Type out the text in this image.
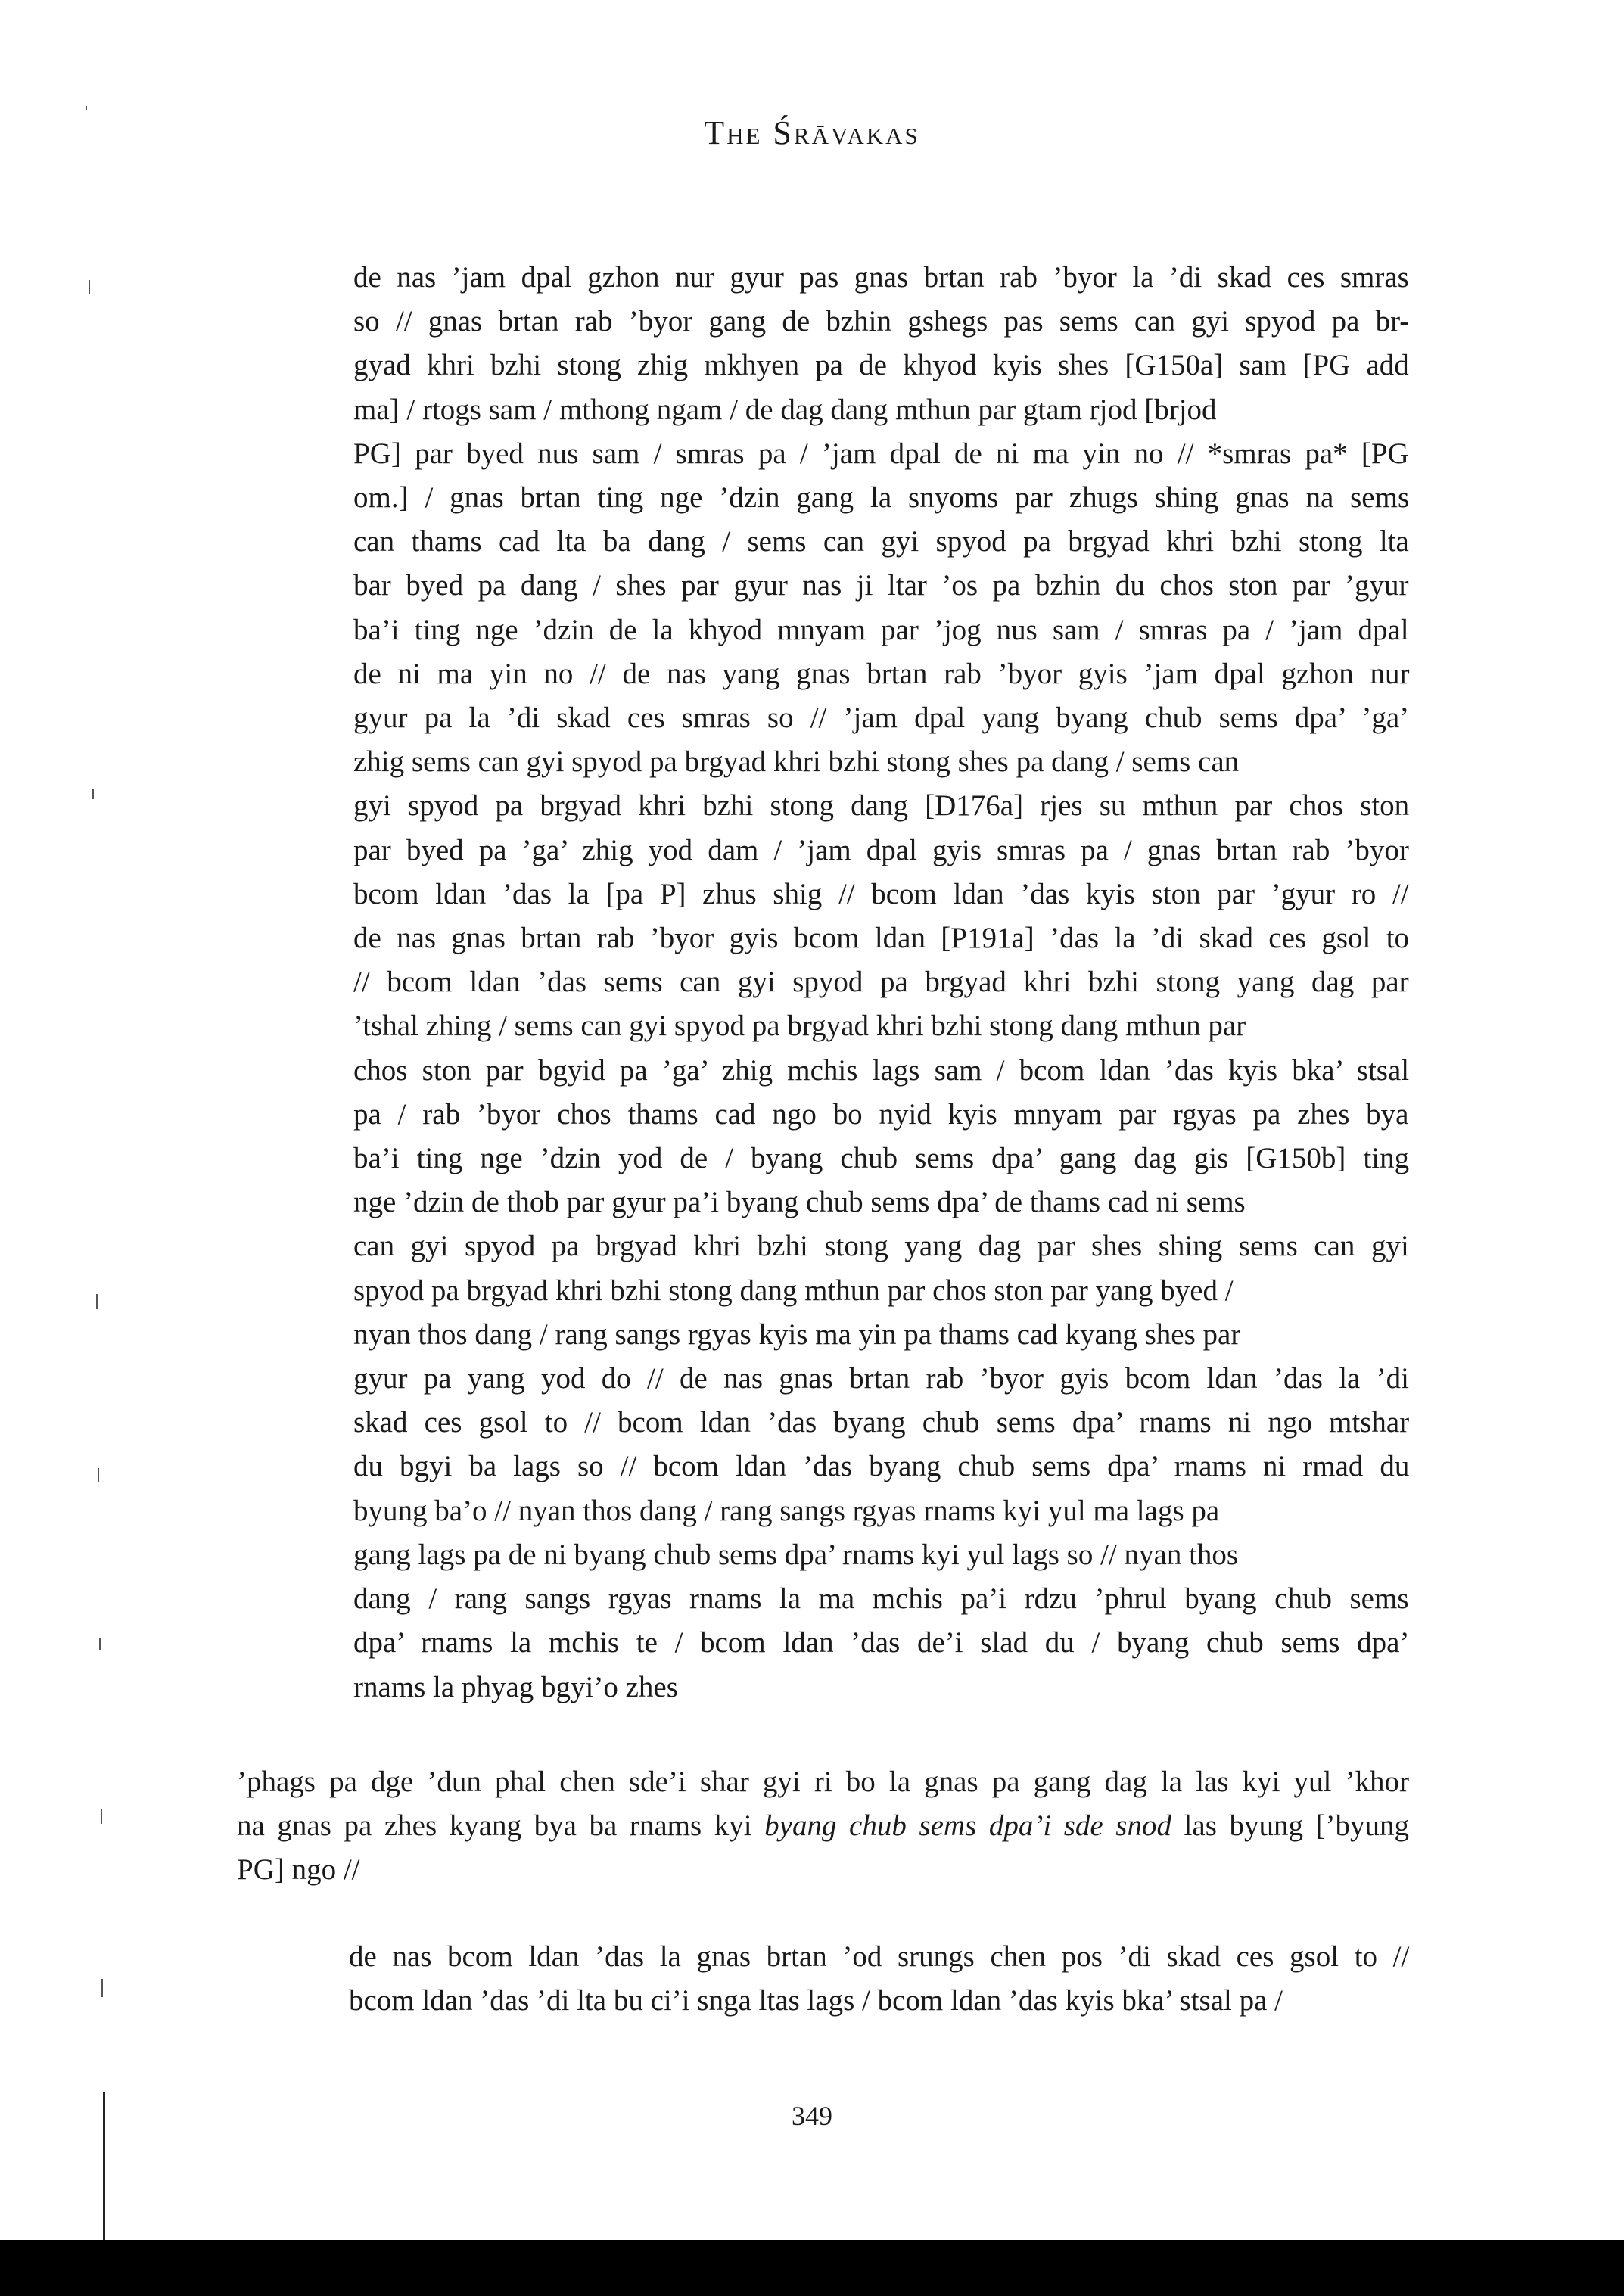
The Śrāvakas
de nas ’jam dpal gzhon nur gyur pas gnas brtan rab ’byor la ’di skad ces smras
so // gnas brtan rab ’byor gang de bzhin gshegs pas sems can gyi spyod pa br-
gyad khri bzhi stong zhig mkhyen pa de khyod kyis shes [G150a] sam [PG add
ma] / rtogs sam / mthong ngam / de dag dang mthun par gtam rjod [brjod
PG] par byed nus sam / smras pa / ’jam dpal de ni ma yin no // *smras pa* [PG
om.] / gnas brtan ting nge ’dzin gang la snyoms par zhugs shing gnas na sems
can thams cad lta ba dang / sems can gyi spyod pa brgyad khri bzhi stong lta
bar byed pa dang / shes par gyur nas ji ltar ’os pa bzhin du chos ston par ’gyur
ba’i ting nge ’dzin de la khyod mnyam par ’jog nus sam / smras pa / ’jam dpal
de ni ma yin no // de nas yang gnas brtan rab ’byor gyis ’jam dpal gzhon nur
gyur pa la ’di skad ces smras so // ’jam dpal yang byang chub sems dpa’ ’ga’
zhig sems can gyi spyod pa brgyad khri bzhi stong shes pa dang / sems can
gyi spyod pa brgyad khri bzhi stong dang [D176a] rjes su mthun par chos ston
par byed pa ’ga’ zhig yod dam / ’jam dpal gyis smras pa / gnas brtan rab ’byor
bcom ldan ’das la [pa P] zhus shig // bcom ldan ’das kyis ston par ’gyur ro //
de nas gnas brtan rab ’byor gyis bcom ldan [P191a] ’das la ’di skad ces gsol to
// bcom ldan ’das sems can gyi spyod pa brgyad khri bzhi stong yang dag par
’tshal zhing / sems can gyi spyod pa brgyad khri bzhi stong dang mthun par
chos ston par bgyid pa ’ga’ zhig mchis lags sam / bcom ldan ’das kyis bka’ stsal
pa / rab ’byor chos thams cad ngo bo nyid kyis mnyam par rgyas pa zhes bya
ba’i ting nge ’dzin yod de / byang chub sems dpa’ gang dag gis [G150b] ting
nge ’dzin de thob par gyur pa’i byang chub sems dpa’ de thams cad ni sems
can gyi spyod pa brgyad khri bzhi stong yang dag par shes shing sems can gyi
spyod pa brgyad khri bzhi stong dang mthun par chos ston par yang byed /
nyan thos dang / rang sangs rgyas kyis ma yin pa thams cad kyang shes par
gyur pa yang yod do // de nas gnas brtan rab ’byor gyis bcom ldan ’das la ’di
skad ces gsol to // bcom ldan ’das byang chub sems dpa’ rnams ni ngo mtshar
du bgyi ba lags so // bcom ldan ’das byang chub sems dpa’ rnams ni rmad du
byung ba’o // nyan thos dang / rang sangs rgyas rnams kyi yul ma lags pa
gang lags pa de ni byang chub sems dpa’ rnams kyi yul lags so // nyan thos
dang / rang sangs rgyas rnams la ma mchis pa’i rdzu ’phrul byang chub sems
dpa’ rnams la mchis te / bcom ldan ’das de’i slad du / byang chub sems dpa’
rnams la phyag bgyi’o zhes
’phags pa dge ’dun phal chen sde’i shar gyi ri bo la gnas pa gang dag la las kyi yul ’khor
na gnas pa zhes kyang bya ba rnams kyi byang chub sems dpa’i sde snod las byung [’byung
PG] ngo //
de nas bcom ldan ’das la gnas brtan ’od srungs chen pos ’di skad ces gsol to //
bcom ldan ’das ’di lta bu ci’i snga ltas lags / bcom ldan ’das kyis bka’ stsal pa /
349
